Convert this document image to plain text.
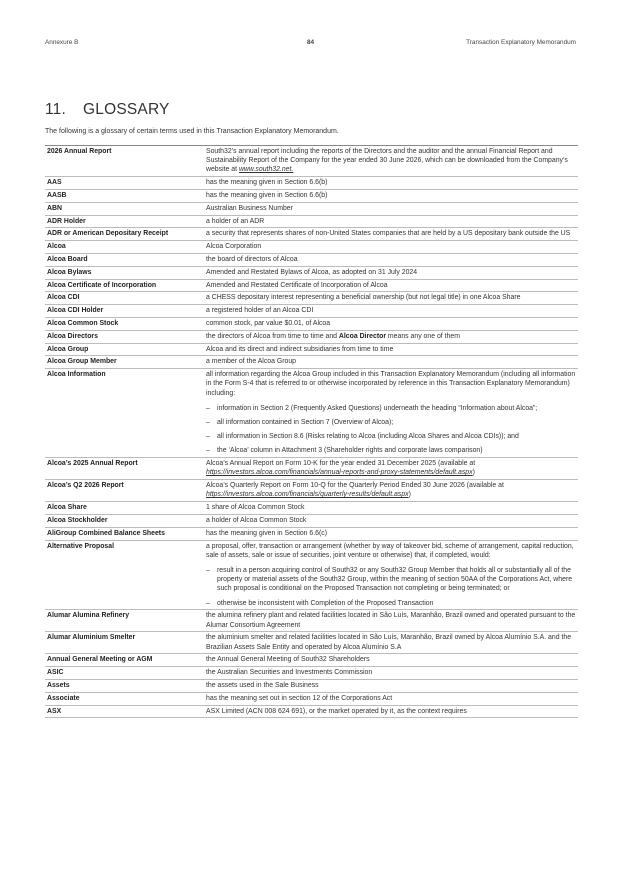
Annexure B	84	Transaction Explanatory Memorandum
11. GLOSSARY
The following is a glossary of certain terms used in this Transaction Explanatory Memorandum.
2026 Annual Report	South32’s annual report including the reports of the Directors and the auditor and the annual Financial Report and Sustainability Report of the Company for the year ended 30 June 2026, which can be downloaded from the Company’s website at www.south32.net.

AAS	has the meaning given in Section 6.6(b)

AASB	has the meaning given in Section 6.6(b)

ABN	Australian Business Number

ADR Holder	a holder of an ADR

ADR or American Depositary Receipt	a security that represents shares of non-United States companies that are held by a US depositary bank outside the US

Alcoa	Alcoa Corporation

Alcoa Board	the board of directors of Alcoa

Alcoa Bylaws	Amended and Restated Bylaws of Alcoa, as adopted on 31 July 2024

Alcoa Certificate of Incorporation	Amended and Restated Certificate of Incorporation of Alcoa

Alcoa CDI	a CHESS depositary interest representing a beneficial ownership (but not legal title) in one Alcoa Share

Alcoa CDI Holder	a registered holder of an Alcoa CDI

Alcoa Common Stock	common stock, par value $0.01, of Alcoa

Alcoa Directors	the directors of Alcoa from time to time and Alcoa Director means any one of them

Alcoa Group	Alcoa and its direct and indirect subsidiaries from time to time

Alcoa Group Member	a member of the Alcoa Group

Alcoa Information	all information regarding the Alcoa Group included in this Transaction Explanatory Memorandum (including all information in the Form S-4 that is referred to or otherwise incorporated by reference in this Transaction Explanatory Memorandum) including:

–	information in Section 2 (Frequently Asked Questions) underneath the heading “Information about Alcoa”;
–	all information contained in Section 7 (Overview of Alcoa);
–	all information in Section 8.6 (Risks relating to Alcoa (including Alcoa Shares and Alcoa CDIs)); and
–	the ‘Alcoa’ column in Attachment 3 (Shareholder rights and corporate laws comparison)
Alcoa’s 2025 Annual Report	Alcoa’s Annual Report on Form 10-K for the year ended 31 December 2025 (available at https://investors.alcoa.com/financials/annual-reports-and-proxy-statements/default.aspx)

Alcoa’s Q2 2026 Report	Alcoa’s Quarterly Report on Form 10-Q for the Quarterly Period Ended 30 June 2026 (available at https://investors.alcoa.com/financials/quarterly-results/default.aspx)

Alcoa Share	1 share of Alcoa Common Stock

Alcoa Stockholder	a holder of Alcoa Common Stock

AliGroup Combined Balance Sheets	has the meaning given in Section 6.6(c)

Alternative Proposal	a proposal, offer, transaction or arrangement (whether by way of takeover bid, scheme of arrangement, capital reduction, sale of assets, sale or issue of securities, joint venture or otherwise) that, if completed, would:

–	result in a person acquiring control of South32 or any South32 Group Member that holds all or substantially all of the property or material assets of the South32 Group, within the meaning of section 50AA of the Corporations Act, where such proposal is conditional on the Proposed Transaction not completing or being terminated; or
–	otherwise be inconsistent with Completion of the Proposed Transaction
Alumar Alumina Refinery	the alumina refinery plant and related facilities located in São Luís, Maranhão, Brazil owned and operated pursuant to the Alumar Consortium Agreement

Alumar Aluminium Smelter	the aluminium smelter and related facilities located in São Luís, Maranhão, Brazil owned by Alcoa Alumínio S.A. and the Brazilian Assets Sale Entity and operated by Alcoa Alumínio S.A

Annual General Meeting or AGM	the Annual General Meeting of South32 Shareholders

ASIC	the Australian Securities and Investments Commission

Assets	the assets used in the Sale Business

Associate	has the meaning set out in section 12 of the Corporations Act

ASX	ASX Limited (ACN 008 624 691), or the market operated by it, as the context requires
